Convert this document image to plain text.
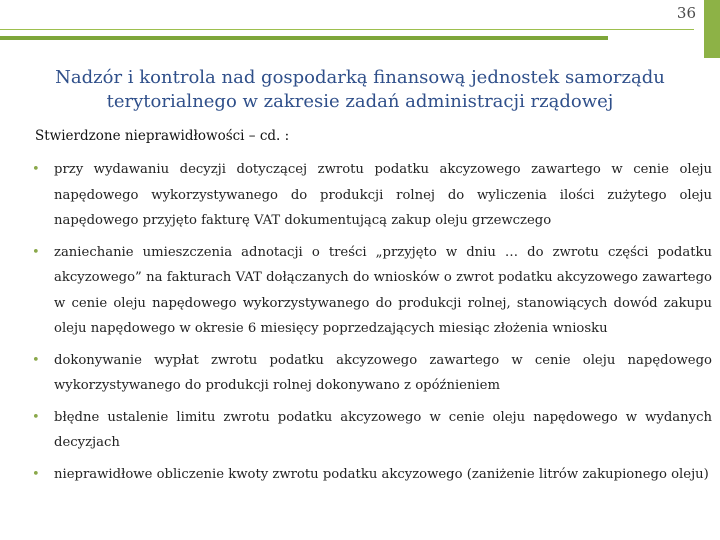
36
Nadzór i kontrola nad gospodarką finansową jednostek samorządu terytorialnego w zakresie zadań administracji rządowej
Stwierdzone nieprawidłowości – cd. :
•	przy wydawaniu decyzji dotyczącej zwrotu podatku akcyzowego zawartego w cenie oleju napędowego wykorzystywanego do produkcji rolnej do wyliczenia ilości zużytego oleju napędowego przyjęto fakturę VAT dokumentującą zakup oleju grzewczego
•	zaniechanie umieszczenia adnotacji o treści „przyjęto w dniu … do zwrotu części podatku akcyzowego” na fakturach VAT dołączanych do wniosków o zwrot podatku akcyzowego zawartego w cenie oleju napędowego wykorzystywanego do produkcji rolnej, stanowiących dowód zakupu oleju napędowego w okresie 6 miesięcy poprzedzających miesiąc złożenia wniosku
•	dokonywanie wypłat zwrotu podatku akcyzowego zawartego w cenie oleju napędowego wykorzystywanego do produkcji rolnej dokonywano z opóźnieniem
•	błędne ustalenie limitu zwrotu podatku akcyzowego w cenie oleju napędowego w wydanych decyzjach
•	nieprawidłowe obliczenie kwoty zwrotu podatku akcyzowego (zaniżenie litrów zakupionego oleju)
